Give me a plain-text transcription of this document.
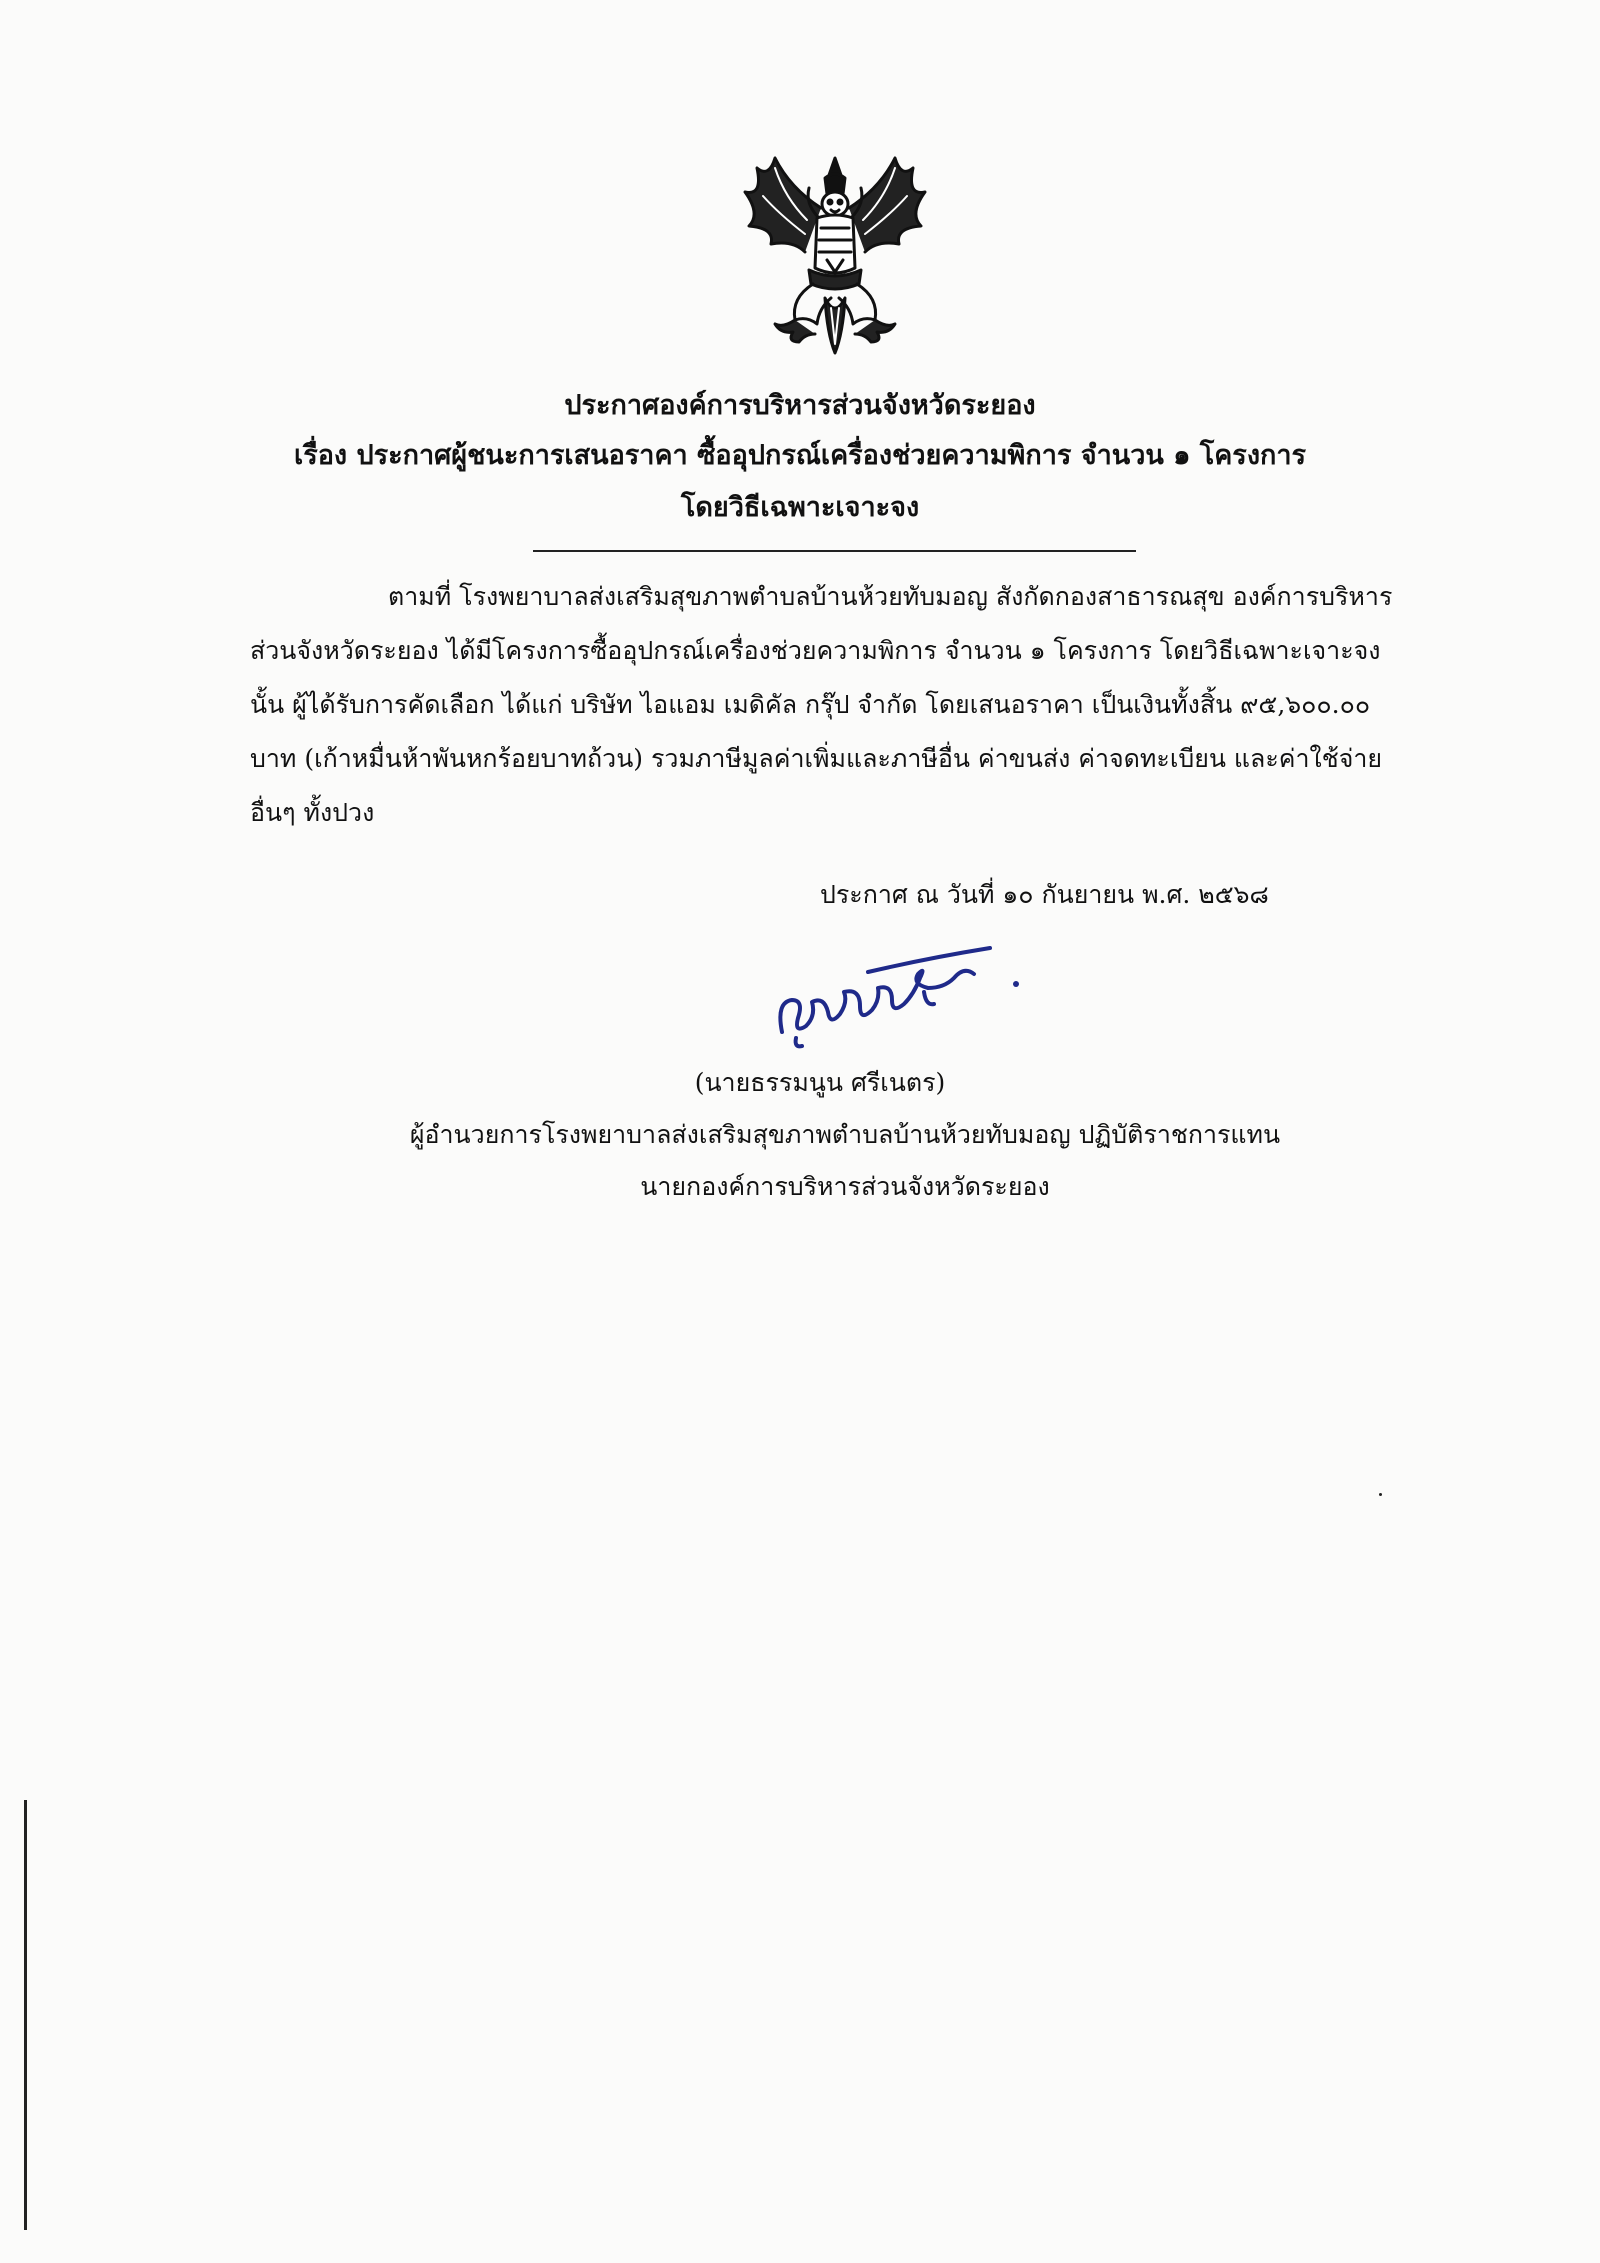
ประกาศองค์การบริหารส่วนจังหวัดระยอง
เรื่อง ประกาศผู้ชนะการเสนอราคา ซื้ออุปกรณ์เครื่องช่วยความพิการ จำนวน ๑ โครงการ
โดยวิธีเฉพาะเจาะจง
ตามที่ โรงพยาบาลส่งเสริมสุขภาพตำบลบ้านห้วยทับมอญ สังกัดกองสาธารณสุข องค์การบริหาร
ส่วนจังหวัดระยอง ได้มีโครงการซื้ออุปกรณ์เครื่องช่วยความพิการ จำนวน ๑ โครงการ โดยวิธีเฉพาะเจาะจง
นั้น ผู้ได้รับการคัดเลือก ได้แก่ บริษัท ไอแอม เมดิคัล กรุ๊ป จำกัด โดยเสนอราคา เป็นเงินทั้งสิ้น ๙๕,๖๐๐.๐๐
บาท (เก้าหมื่นห้าพันหกร้อยบาทถ้วน) รวมภาษีมูลค่าเพิ่มและภาษีอื่น ค่าขนส่ง ค่าจดทะเบียน และค่าใช้จ่าย
อื่นๆ ทั้งปวง
ประกาศ ณ วันที่ ๑๐ กันยายน พ.ศ. ๒๕๖๘
(นายธรรมนูน ศรีเนตร)
ผู้อำนวยการโรงพยาบาลส่งเสริมสุขภาพตำบลบ้านห้วยทับมอญ ปฏิบัติราชการแทน
นายกองค์การบริหารส่วนจังหวัดระยอง
